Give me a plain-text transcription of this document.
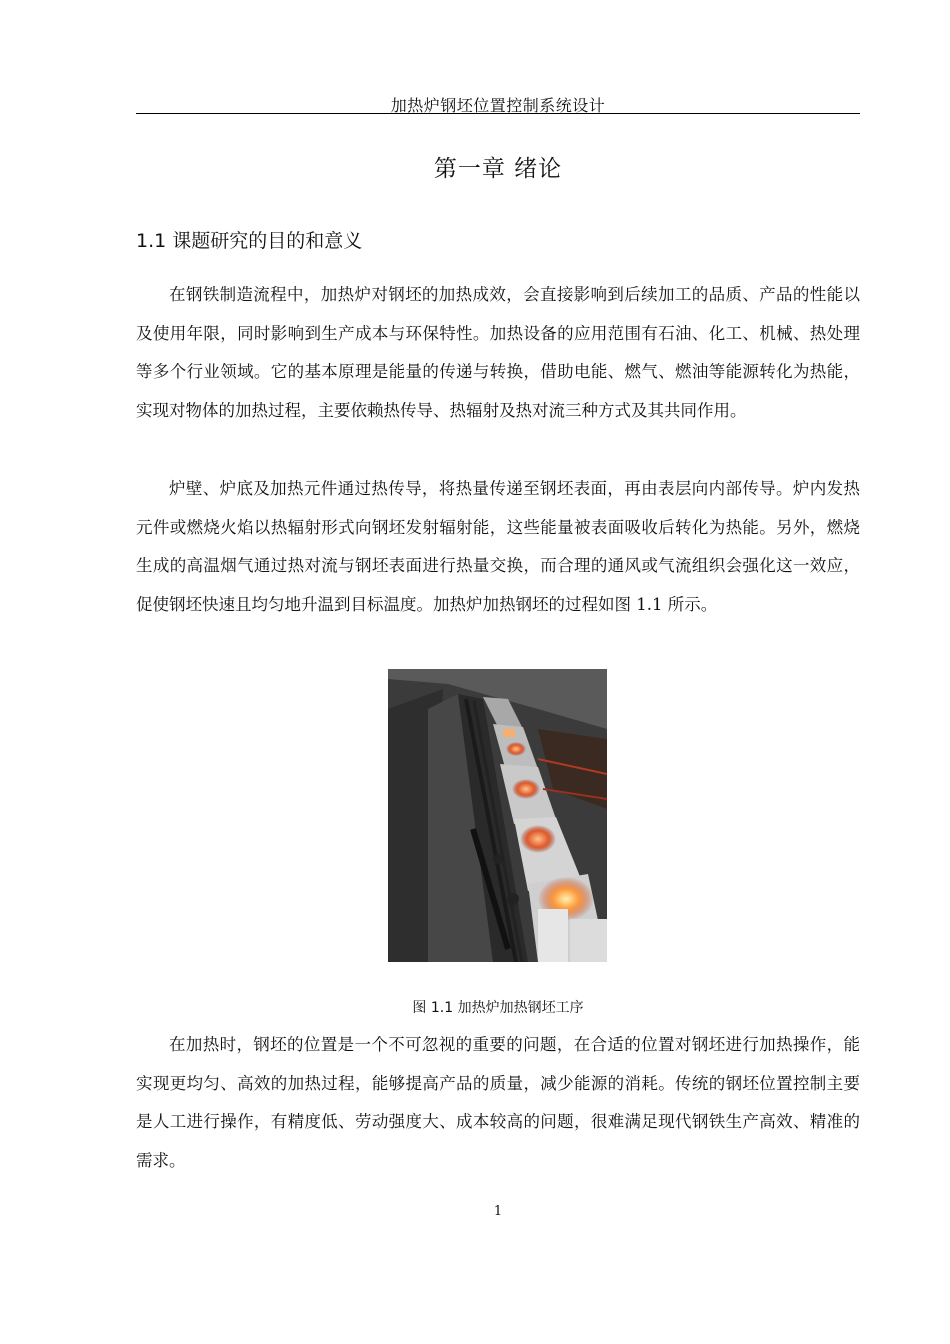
加热炉钢坯位置控制系统设计
第一章 绪论
1.1 课题研究的目的和意义

在钢铁制造流程中，加热炉对钢坯的加热成效，会直接影响到后续加工的品质、产品的性能以及使用年限，同时影响到生产成本与环保特性。加热设备的应用范围有石油、化工、机械、热处理等多个行业领域。它的基本原理是能量的传递与转换，借助电能、燃气、燃油等能源转化为热能，实现对物体的加热过程，主要依赖热传导、热辐射及热对流三种方式及其共同作用。

炉壁、炉底及加热元件通过热传导，将热量传递至钢坯表面，再由表层向内部传导。炉内发热元件或燃烧火焰以热辐射形式向钢坯发射辐射能，这些能量被表面吸收后转化为热能。另外，燃烧生成的高温烟气通过热对流与钢坯表面进行热量交换，而合理的通风或气流组织会强化这一效应，促使钢坯快速且均匀地升温到目标温度。加热炉加热钢坯的过程如图 1.1 所示。

图 1.1 加热炉加热钢坯工序

在加热时，钢坯的位置是一个不可忽视的重要的问题，在合适的位置对钢坯进行加热操作，能实现更均匀、高效的加热过程，能够提高产品的质量，减少能源的消耗。传统的钢坯位置控制主要是人工进行操作，有精度低、劳动强度大、成本较高的问题，很难满足现代钢铁生产高效、精准的需求。

1
